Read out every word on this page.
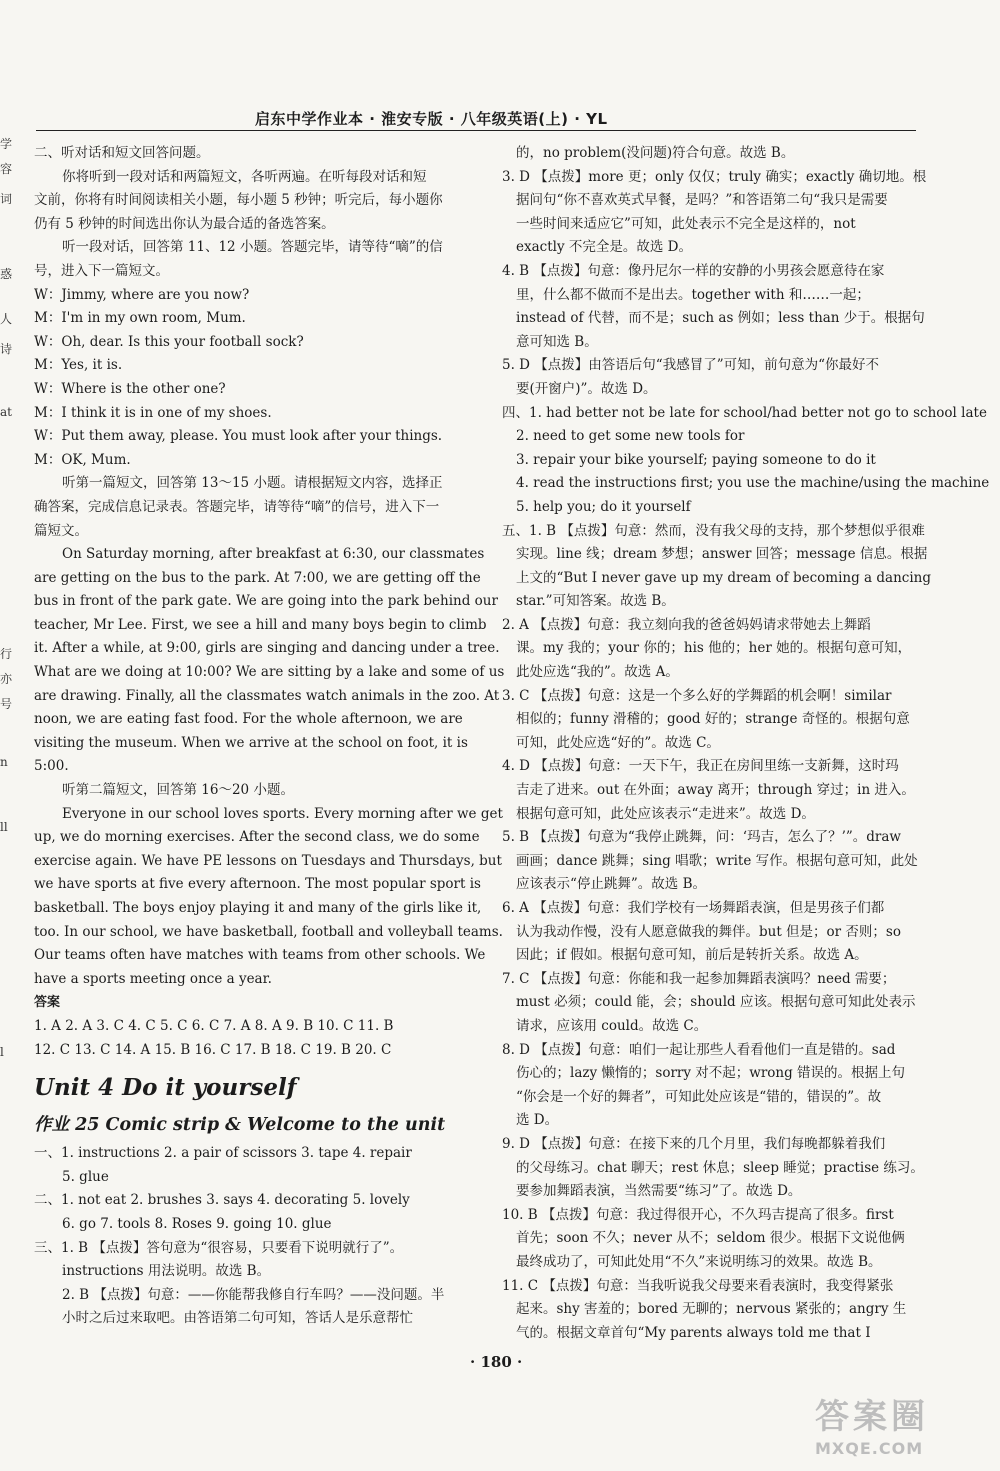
启东中学作业本 · 淮安专版 · 八年级英语(上) · YL
学
容
词
惑
人
诗
at
行
亦
号
n
ll
l
二、听对话和短文回答问题。
你将听到一段对话和两篇短文，各听两遍。在听每段对话和短
文前，你将有时间阅读相关小题，每小题 5 秒钟；听完后，每小题你
仍有 5 秒钟的时间选出你认为最合适的备选答案。
听一段对话，回答第 11、12 小题。答题完毕，请等待“嘀”的信
号，进入下一篇短文。
W：Jimmy, where are you now?
M：I'm in my own room, Mum.
W：Oh, dear. Is this your football sock?
M：Yes, it is.
W：Where is the other one?
M：I think it is in one of my shoes.
W：Put them away, please. You must look after your things.
M：OK, Mum.
听第一篇短文，回答第 13～15 小题。请根据短文内容，选择正
确答案，完成信息记录表。答题完毕，请等待“嘀”的信号，进入下一
篇短文。
On Saturday morning, after breakfast at 6:30, our classmates
are getting on the bus to the park. At 7:00, we are getting off the
bus in front of the park gate. We are going into the park behind our
teacher, Mr Lee. First, we see a hill and many boys begin to climb
it. After a while, at 9:00, girls are singing and dancing under a tree.
What are we doing at 10:00? We are sitting by a lake and some of us
are drawing. Finally, all the classmates watch animals in the zoo. At
noon, we are eating fast food. For the whole afternoon, we are
visiting the museum. When we arrive at the school on foot, it is
5:00.
听第二篇短文，回答第 16～20 小题。
Everyone in our school loves sports. Every morning after we get
up, we do morning exercises. After the second class, we do some
exercise again. We have PE lessons on Tuesdays and Thursdays, but
we have sports at five every afternoon. The most popular sport is
basketball. The boys enjoy playing it and many of the girls like it,
too. In our school, we have basketball, football and volleyball teams.
Our teams often have matches with teams from other schools. We
have a sports meeting once a year.
答案
1. A 2. A 3. C 4. C 5. C 6. C 7. A 8. A 9. B 10. C 11. B
12. C 13. C 14. A 15. B 16. C 17. B 18. C 19. B 20. C
Unit 4 Do it yourself
作业 25 Comic strip & Welcome to the unit
一、1. instructions 2. a pair of scissors 3. tape 4. repair
5. glue
二、1. not eat 2. brushes 3. says 4. decorating 5. lovely
6. go 7. tools 8. Roses 9. going 10. glue
三、1. B 【点拨】答句意为“很容易，只要看下说明就行了”。
instructions 用法说明。故选 B。
2. B 【点拨】句意：——你能帮我修自行车吗？——没问题。半
小时之后过来取吧。由答语第二句可知，答话人是乐意帮忙
的，no problem(没问题)符合句意。故选 B。
3. D 【点拨】more 更；only 仅仅；truly 确实；exactly 确切地。根
据问句“你不喜欢英式早餐，是吗？”和答语第二句“我只是需要
一些时间来适应它”可知，此处表示不完全是这样的，not
exactly 不完全是。故选 D。
4. B 【点拨】句意：像丹尼尔一样的安静的小男孩会愿意待在家
里，什么都不做而不是出去。together with 和……一起；
instead of 代替，而不是；such as 例如；less than 少于。根据句
意可知选 B。
5. D 【点拨】由答语后句“我感冒了”可知，前句意为“你最好不
要(开窗户)”。故选 D。
四、1. had better not be late for school/had better not go to school late
2. need to get some new tools for
3. repair your bike yourself; paying someone to do it
4. read the instructions first; you use the machine/using the machine
5. help you; do it yourself
五、1. B 【点拨】句意：然而，没有我父母的支持，那个梦想似乎很难
实现。line 线；dream 梦想；answer 回答；message 信息。根据
上文的“But I never gave up my dream of becoming a dancing
star.”可知答案。故选 B。
2. A 【点拨】句意：我立刻向我的爸爸妈妈请求带她去上舞蹈
课。my 我的；your 你的；his 他的；her 她的。根据句意可知，
此处应选“我的”。故选 A。
3. C 【点拨】句意：这是一个多么好的学舞蹈的机会啊！similar
相似的；funny 滑稽的；good 好的；strange 奇怪的。根据句意
可知，此处应选“好的”。故选 C。
4. D 【点拨】句意：一天下午，我正在房间里练一支新舞，这时玛
吉走了进来。out 在外面；away 离开；through 穿过；in 进入。
根据句意可知，此处应该表示“走进来”。故选 D。
5. B 【点拨】句意为“我停止跳舞，问：‘玛吉，怎么了？’”。draw
画画；dance 跳舞；sing 唱歌；write 写作。根据句意可知，此处
应该表示“停止跳舞”。故选 B。
6. A 【点拨】句意：我们学校有一场舞蹈表演，但是男孩子们都
认为我动作慢，没有人愿意做我的舞伴。but 但是；or 否则；so
因此；if 假如。根据句意可知，前后是转折关系。故选 A。
7. C 【点拨】句意：你能和我一起参加舞蹈表演吗？need 需要；
must 必须；could 能，会；should 应该。根据句意可知此处表示
请求，应该用 could。故选 C。
8. D 【点拨】句意：咱们一起让那些人看看他们一直是错的。sad
伤心的；lazy 懒惰的；sorry 对不起；wrong 错误的。根据上句
“你会是一个好的舞者”，可知此处应该是“错的，错误的”。故
选 D。
9. D 【点拨】句意：在接下来的几个月里，我们每晚都躲着我们
的父母练习。chat 聊天；rest 休息；sleep 睡觉；practise 练习。
要参加舞蹈表演，当然需要“练习”了。故选 D。
10. B 【点拨】句意：我过得很开心，不久玛吉提高了很多。first
首先；soon 不久；never 从不；seldom 很少。根据下文说他俩
最终成功了，可知此处用“不久”来说明练习的效果。故选 B。
11. C 【点拨】句意：当我听说我父母要来看表演时，我变得紧张
起来。shy 害羞的；bored 无聊的；nervous 紧张的；angry 生
气的。根据文章首句“My parents always told me that I
· 180 ·
答案圈
MXQE.COM
